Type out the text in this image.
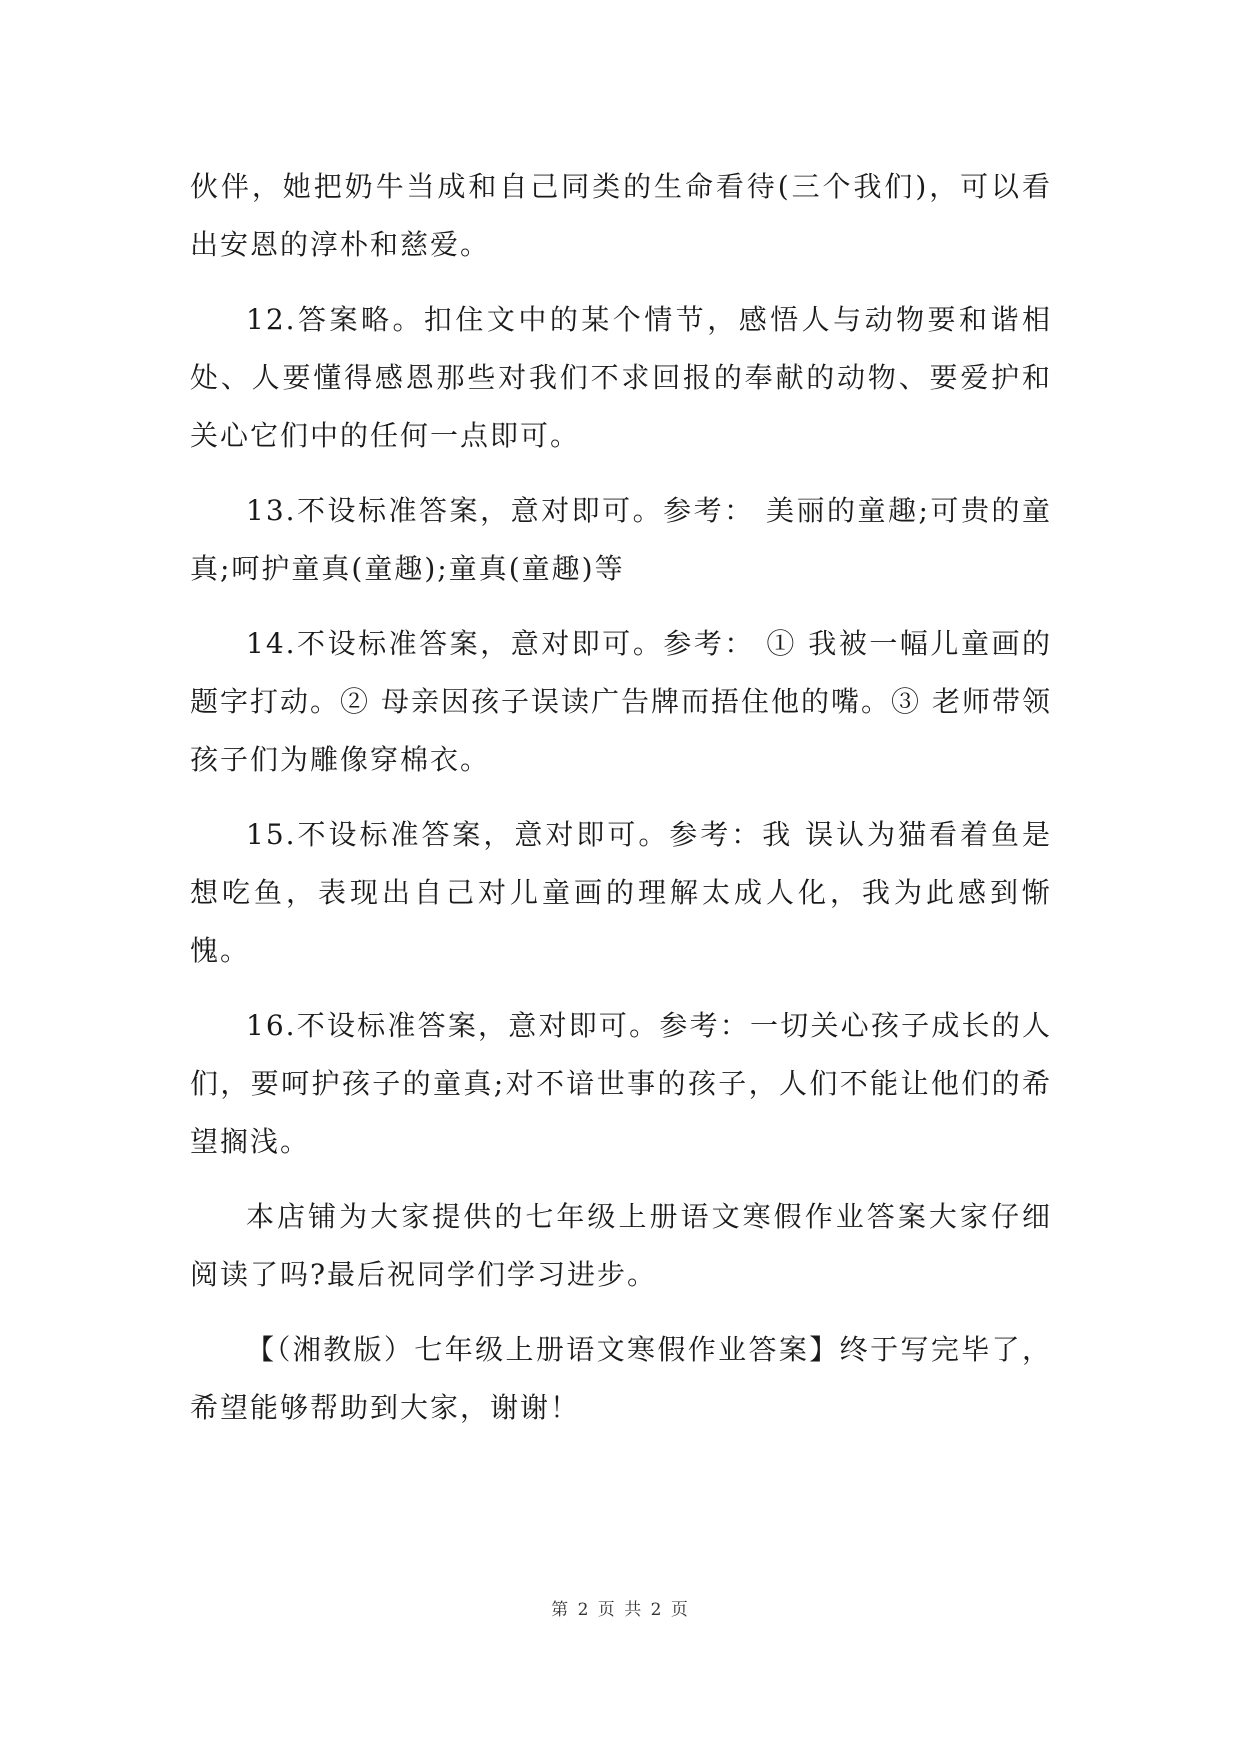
伙伴，她把奶牛当成和自己同类的生命看待(三个我们)，可以看出安恩的淳朴和慈爱。

12.答案略。扣住文中的某个情节，感悟人与动物要和谐相处、人要懂得感恩那些对我们不求回报的奉献的动物、要爱护和关心它们中的任何一点即可。

13.不设标准答案，意对即可。参考： 美丽的童趣;可贵的童真;呵护童真(童趣);童真(童趣)等

14.不设标准答案，意对即可。参考： ① 我被一幅儿童画的题字打动。② 母亲因孩子误读广告牌而捂住他的嘴。③ 老师带领孩子们为雕像穿棉衣。

15.不设标准答案，意对即可。参考：我 误认为猫看着鱼是想吃鱼，表现出自己对儿童画的理解太成人化，我为此感到惭愧。

16.不设标准答案，意对即可。参考：一切关心孩子成长的人们，要呵护孩子的童真;对不谙世事的孩子，人们不能让他们的希望搁浅。

本店铺为大家提供的七年级上册语文寒假作业答案大家仔细阅读了吗?最后祝同学们学习进步。

【（湘教版）七年级上册语文寒假作业答案】终于写完毕了，希望能够帮助到大家，谢谢！

第 2 页 共 2 页
